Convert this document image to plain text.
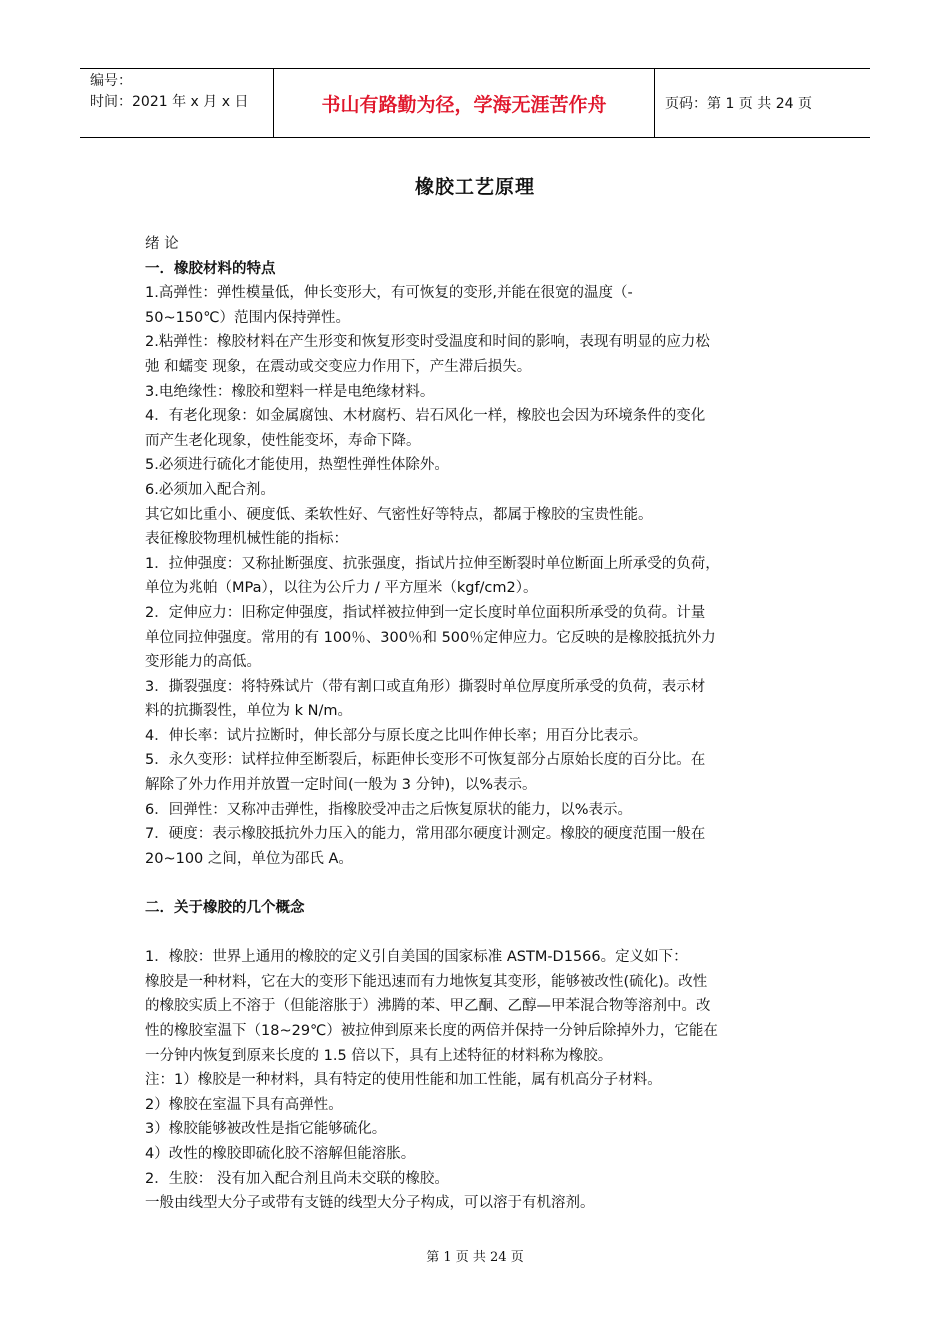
编号：
时间：2021 年 x 月 x 日	书山有路勤为径，学海无涯苦作舟	页码：第 1 页 共 24 页
橡胶工艺原理

绪 论

一．橡胶材料的特点

1.高弹性：弹性模量低，伸长变形大，有可恢复的变形,并能在很宽的温度（-

50~150℃）范围内保持弹性。

2.粘弹性：橡胶材料在产生形变和恢复形变时受温度和时间的影响，表现有明显的应力松

弛 和蠕变 现象，在震动或交变应力作用下，产生滞后损失。

3.电绝缘性：橡胶和塑料一样是电绝缘材料。

4．有老化现象：如金属腐蚀、木材腐朽、岩石风化一样，橡胶也会因为环境条件的变化

而产生老化现象，使性能变坏，寿命下降。

5.必须进行硫化才能使用，热塑性弹性体除外。

6.必须加入配合剂。

其它如比重小、硬度低、柔软性好、气密性好等特点，都属于橡胶的宝贵性能。

表征橡胶物理机械性能的指标：

1．拉伸强度：又称扯断强度、抗张强度，指试片拉伸至断裂时单位断面上所承受的负荷，

单位为兆帕（MPa），以往为公斤力 / 平方厘米（kgf/cm2）。

2．定伸应力：旧称定伸强度，指试样被拉伸到一定长度时单位面积所承受的负荷。计量

单位同拉伸强度。常用的有 100％、300％和 500％定伸应力。它反映的是橡胶抵抗外力

变形能力的高低。

3．撕裂强度：将特殊试片（带有割口或直角形）撕裂时单位厚度所承受的负荷，表示材

料的抗撕裂性，单位为 k N/m。

4．伸长率：试片拉断时，伸长部分与原长度之比叫作伸长率；用百分比表示。

5．永久变形：试样拉伸至断裂后，标距伸长变形不可恢复部分占原始长度的百分比。在

解除了外力作用并放置一定时间(一般为 3 分钟)，以%表示。

6．回弹性：又称冲击弹性，指橡胶受冲击之后恢复原状的能力，以%表示。

7．硬度：表示橡胶抵抗外力压入的能力，常用邵尔硬度计测定。橡胶的硬度范围一般在

20~100 之间，单位为邵氏 A。

二．关于橡胶的几个概念

1．橡胶：世界上通用的橡胶的定义引自美国的国家标准 ASTM-D1566。定义如下：

橡胶是一种材料，它在大的变形下能迅速而有力地恢复其变形，能够被改性(硫化)。改性

的橡胶实质上不溶于（但能溶胀于）沸腾的苯、甲乙酮、乙醇—甲苯混合物等溶剂中。改

性的橡胶室温下（18~29℃）被拉伸到原来长度的两倍并保持一分钟后除掉外力，它能在

一分钟内恢复到原来长度的 1.5 倍以下，具有上述特征的材料称为橡胶。

注：1）橡胶是一种材料，具有特定的使用性能和加工性能，属有机高分子材料。

2）橡胶在室温下具有高弹性。

3）橡胶能够被改性是指它能够硫化。

4）改性的橡胶即硫化胶不溶解但能溶胀。

2．生胶： 没有加入配合剂且尚未交联的橡胶。

一般由线型大分子或带有支链的线型大分子构成，可以溶于有机溶剂。

第 1 页 共 24 页
